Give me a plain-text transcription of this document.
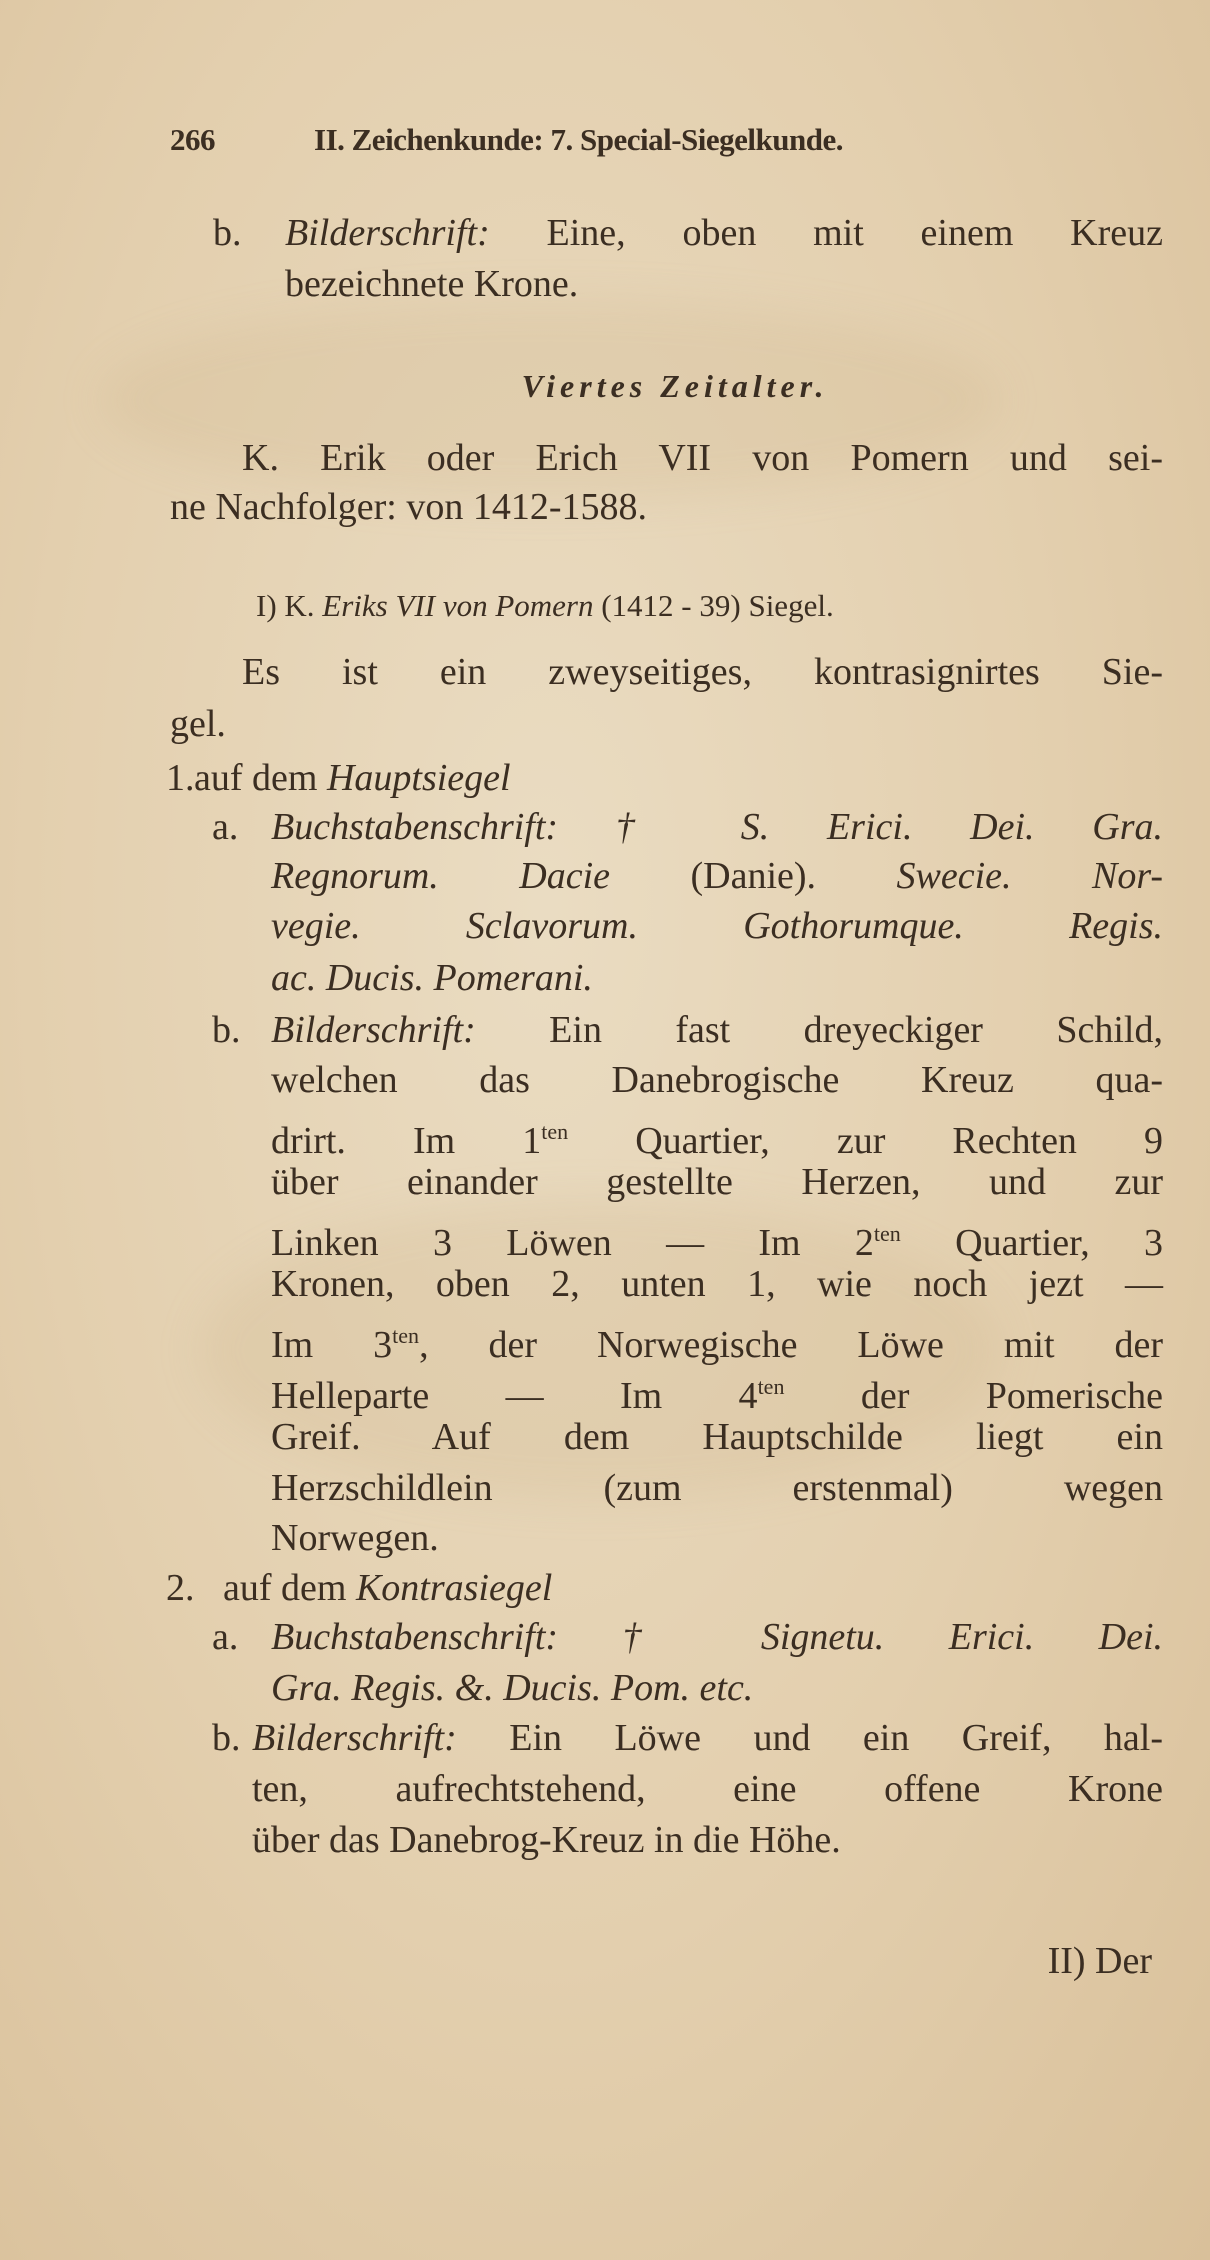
266	II. Zeichenkunde: 7. Special-Siegelkunde.
b. Bilderschrift: Eine, oben mit einem Kreuz
bezeichnete Krone.
Viertes Zeitalter.
K. Erik oder Erich VII von Pomern und sei-
ne Nachfolger: von 1412-1588.
I) K. Eriks VII von Pomern (1412 - 39) Siegel.
Es ist ein zweyseitiges, kontrasignirtes Sie-
gel.
1.auf dem Hauptsiegel
a. Buchstabenschrift: † S. Erici. Dei. Gra.
Regnorum. Dacie (Danie). Swecie. Nor-
vegie. Sclavorum. Gothorumque. Regis.
ac. Ducis. Pomerani.
b. Bilderschrift: Ein fast dreyeckiger Schild,
welchen das Danebrogische Kreuz qua-
drirt. Im $1^{ten}$ Quartier, zur Rechten 9
über einander gestellte Herzen, und zur
Linken 3 Löwen — Im $2^{ten}$ Quartier, 3
Kronen, oben 2, unten 1, wie noch jezt —
Im $3^{ten}$, der Norwegische Löwe mit der
Helleparte — Im $4^{ten}$ der Pomerische
Greif. Auf dem Hauptschilde liegt ein
Herzschildlein (zum erstenmal) wegen
Norwegen.
2. auf dem Kontrasiegel
a. Buchstabenschrift: † Signetu. Erici. Dei.
Gra. Regis. &. Ducis. Pom. etc.
b. Bilderschrift: Ein Löwe und ein Greif, hal-
ten, aufrechtstehend, eine offene Krone
über das Danebrog-Kreuz in die Höhe.
II) Der
